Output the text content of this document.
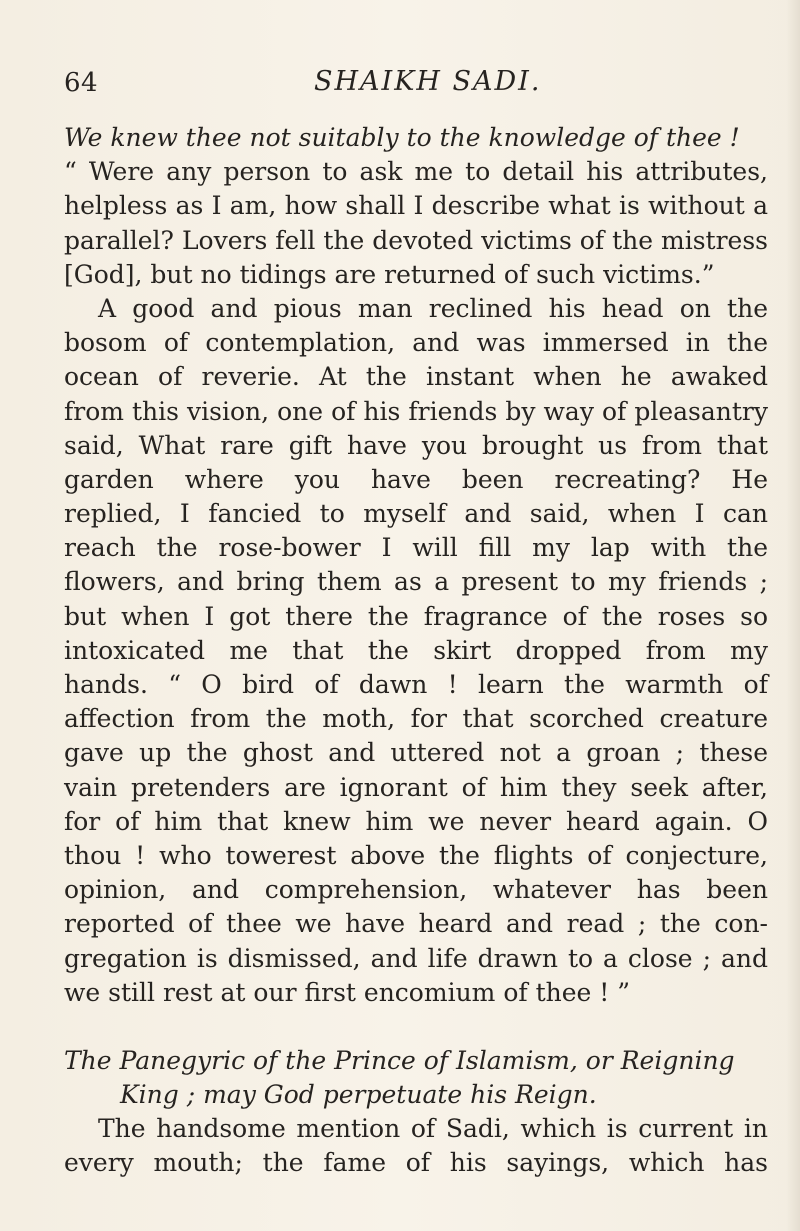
64	SHAIKH SADI.
We knew thee not suitably to the knowledge of thee !
“ Were any person to ask me to detail his attributes,
helpless as I am, how shall I describe what is without a
parallel? Lovers fell the devoted victims of the mistress
[God], but no tidings are returned of such victims.”
A good and pious man reclined his head on the
bosom of contemplation, and was immersed in the
ocean of reverie. At the instant when he awaked
from this vision, one of his friends by way of pleasantry
said, What rare gift have you brought us from that
garden where you have been recreating? He
replied, I fancied to myself and said, when I can
reach the rose-bower I will fill my lap with the
flowers, and bring them as a present to my friends ;
but when I got there the fragrance of the roses so
intoxicated me that the skirt dropped from my
hands. “ O bird of dawn ! learn the warmth of
affection from the moth, for that scorched creature
gave up the ghost and uttered not a groan ; these
vain pretenders are ignorant of him they seek after,
for of him that knew him we never heard again. O
thou ! who towerest above the flights of conjecture,
opinion, and comprehension, whatever has been
reported of thee we have heard and read ; the con-
gregation is dismissed, and life drawn to a close ; and
we still rest at our first encomium of thee ! ”
The Panegyric of the Prince of Islamism, or Reigning
King ; may God perpetuate his Reign.
The handsome mention of Sadi, which is current in
every mouth; the fame of his sayings, which has
